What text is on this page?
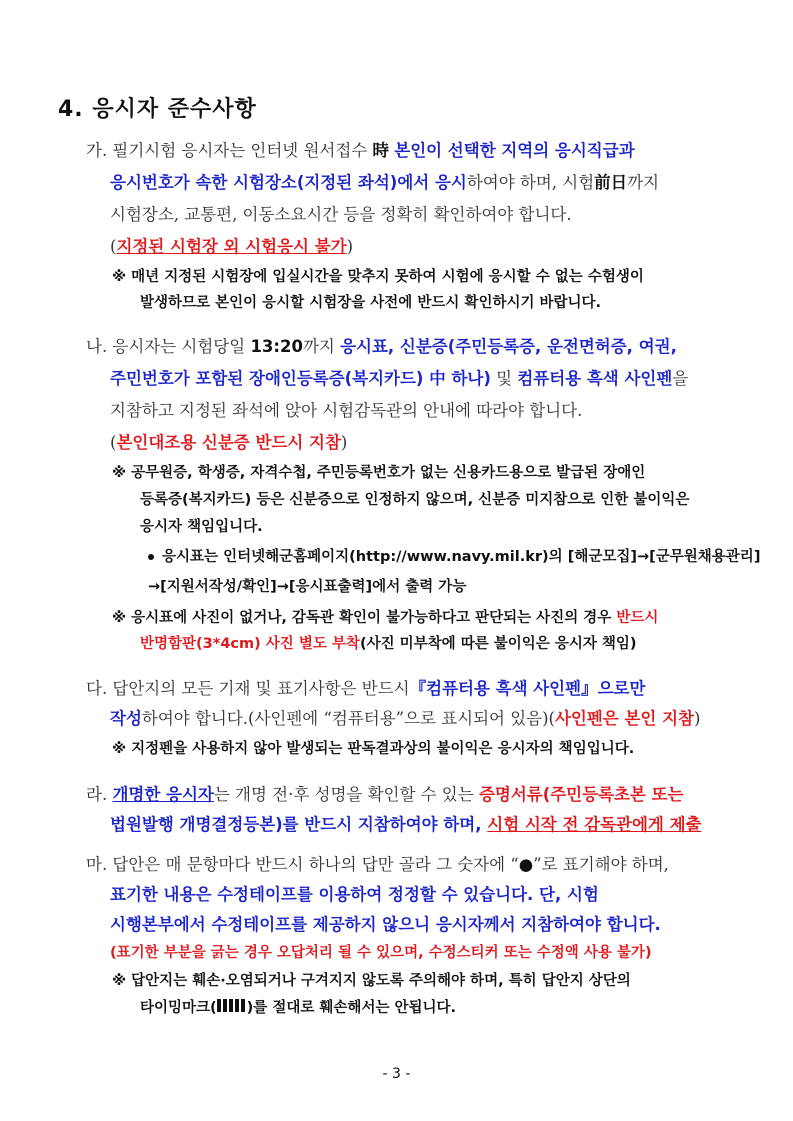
4. 응시자 준수사항
가. 필기시험 응시자는 인터넷 원서접수 時 본인이 선택한 지역의 응시직급과
응시번호가 속한 시험장소(지정된 좌석)에서 응시하여야 하며, 시험前日까지
시험장소, 교통편, 이동소요시간 등을 정확히 확인하여야 합니다.
(지정된 시험장 외 시험응시 불가)
※ 매년 지정된 시험장에 입실시간을 맞추지 못하여 시험에 응시할 수 없는 수험생이
발생하므로 본인이 응시할 시험장을 사전에 반드시 확인하시기 바랍니다.
나. 응시자는 시험당일 13:20까지 응시표, 신분증(주민등록증, 운전면허증, 여권,
주민번호가 포함된 장애인등록증(복지카드) 中 하나) 및 컴퓨터용 흑색 사인펜을
지참하고 지정된 좌석에 앉아 시험감독관의 안내에 따라야 합니다.
(본인대조용 신분증 반드시 지참)
※ 공무원증, 학생증, 자격수첩, 주민등록번호가 없는 신용카드용으로 발급된 장애인
등록증(복지카드) 등은 신분증으로 인정하지 않으며, 신분증 미지참으로 인한 불이익은
응시자 책임입니다.
응시표는 인터넷해군홈페이지(http://www.navy.mil.kr)의 [해군모집]→[군무원채용관리]
→[지원서작성/확인]→[응시표출력]에서 출력 가능
※ 응시표에 사진이 없거나, 감독관 확인이 불가능하다고 판단되는 사진의 경우 반드시
반명함판(3*4cm) 사진 별도 부착(사진 미부착에 따른 불이익은 응시자 책임)
다. 답안지의 모든 기재 및 표기사항은 반드시『컴퓨터용 흑색 사인펜』으로만
작성하여야 합니다.(사인펜에 “컴퓨터용”으로 표시되어 있음)(사인펜은 본인 지참)
※ 지정펜을 사용하지 않아 발생되는 판독결과상의 불이익은 응시자의 책임입니다.
라. 개명한 응시자는 개명 전·후 성명을 확인할 수 있는 증명서류(주민등록초본 또는
법원발행 개명결정등본)를 반드시 지참하여야 하며, 시험 시작 전 감독관에게 제출
마. 답안은 매 문항마다 반드시 하나의 답만 골라 그 숫자에 “●”로 표기해야 하며,
표기한 내용은 수정테이프를 이용하여 정정할 수 있습니다. 단, 시험
시행본부에서 수정테이프를 제공하지 않으니 응시자께서 지참하여야 합니다.
(표기한 부분을 긁는 경우 오답처리 될 수 있으며, 수정스티커 또는 수정액 사용 불가)
※ 답안지는 훼손·오염되거나 구겨지지 않도록 주의해야 하며, 특히 답안지 상단의
타이밍마크( )를 절대로 훼손해서는 안됩니다.
- 3 -
